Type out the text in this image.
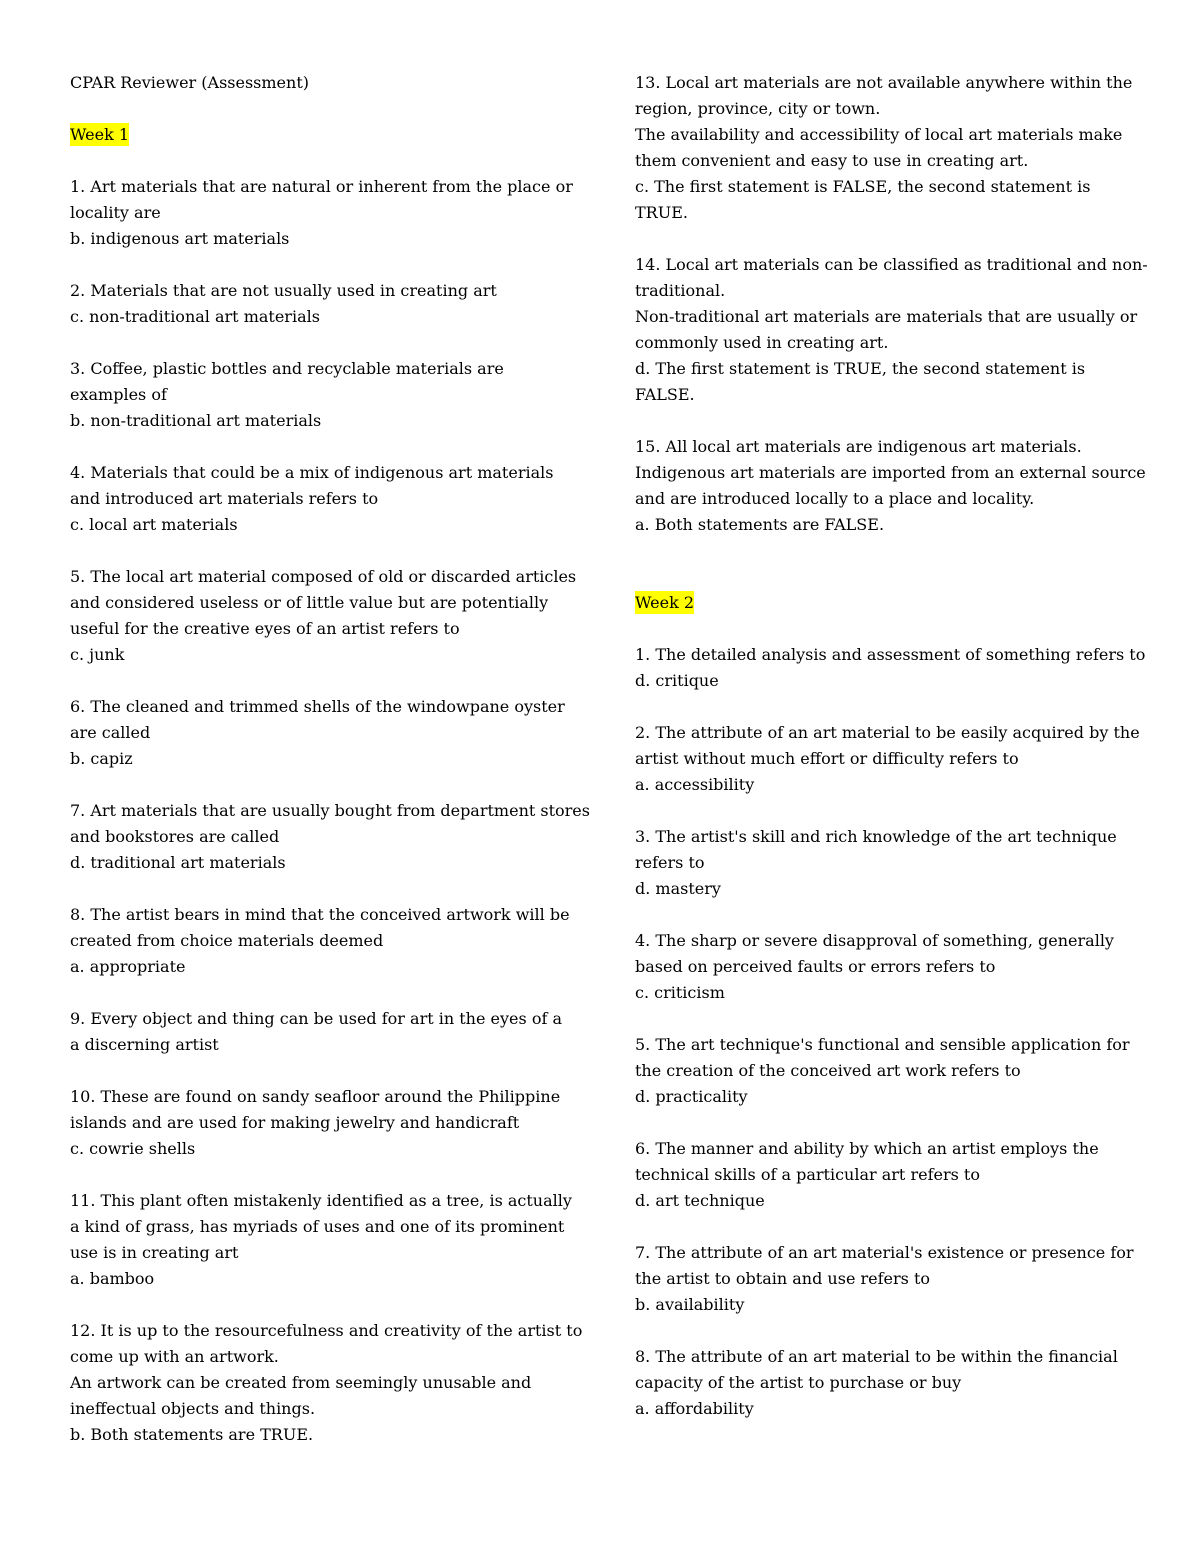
CPAR Reviewer (Assessment)
Week 1
1. Art materials that are natural or inherent from the place or
locality are
b. indigenous art materials
2. Materials that are not usually used in creating art
c. non-traditional art materials
3. Coffee, plastic bottles and recyclable materials are
examples of
b. non-traditional art materials
4. Materials that could be a mix of indigenous art materials
and introduced art materials refers to
c. local art materials
5. The local art material composed of old or discarded articles
and considered useless or of little value but are potentially
useful for the creative eyes of an artist refers to
c. junk
6. The cleaned and trimmed shells of the windowpane oyster
are called
b. capiz
7. Art materials that are usually bought from department stores
and bookstores are called
d. traditional art materials
8. The artist bears in mind that the conceived artwork will be
created from choice materials deemed
a. appropriate
9. Every object and thing can be used for art in the eyes of a
a discerning artist
10. These are found on sandy seafloor around the Philippine
islands and are used for making jewelry and handicraft
c. cowrie shells
11. This plant often mistakenly identified as a tree, is actually
a kind of grass, has myriads of uses and one of its prominent
use is in creating art
a. bamboo
12. It is up to the resourcefulness and creativity of the artist to
come up with an artwork.
An artwork can be created from seemingly unusable and
ineffectual objects and things.
b. Both statements are TRUE.
13. Local art materials are not available anywhere within the
region, province, city or town.
The availability and accessibility of local art materials make
them convenient and easy to use in creating art.
c. The first statement is FALSE, the second statement is
TRUE.
14. Local art materials can be classified as traditional and non-
traditional.
Non-traditional art materials are materials that are usually or
commonly used in creating art.
d. The first statement is TRUE, the second statement is
FALSE.
15. All local art materials are indigenous art materials.
Indigenous art materials are imported from an external source
and are introduced locally to a place and locality.
a. Both statements are FALSE.
Week 2
1. The detailed analysis and assessment of something refers to
d. critique
2. The attribute of an art material to be easily acquired by the
artist without much effort or difficulty refers to
a. accessibility
3. The artist's skill and rich knowledge of the art technique
refers to
d. mastery
4. The sharp or severe disapproval of something, generally
based on perceived faults or errors refers to
c. criticism
5. The art technique's functional and sensible application for
the creation of the conceived art work refers to
d. practicality
6. The manner and ability by which an artist employs the
technical skills of a particular art refers to
d. art technique
7. The attribute of an art material's existence or presence for
the artist to obtain and use refers to
b. availability
8. The attribute of an art material to be within the financial
capacity of the artist to purchase or buy
a. affordability
